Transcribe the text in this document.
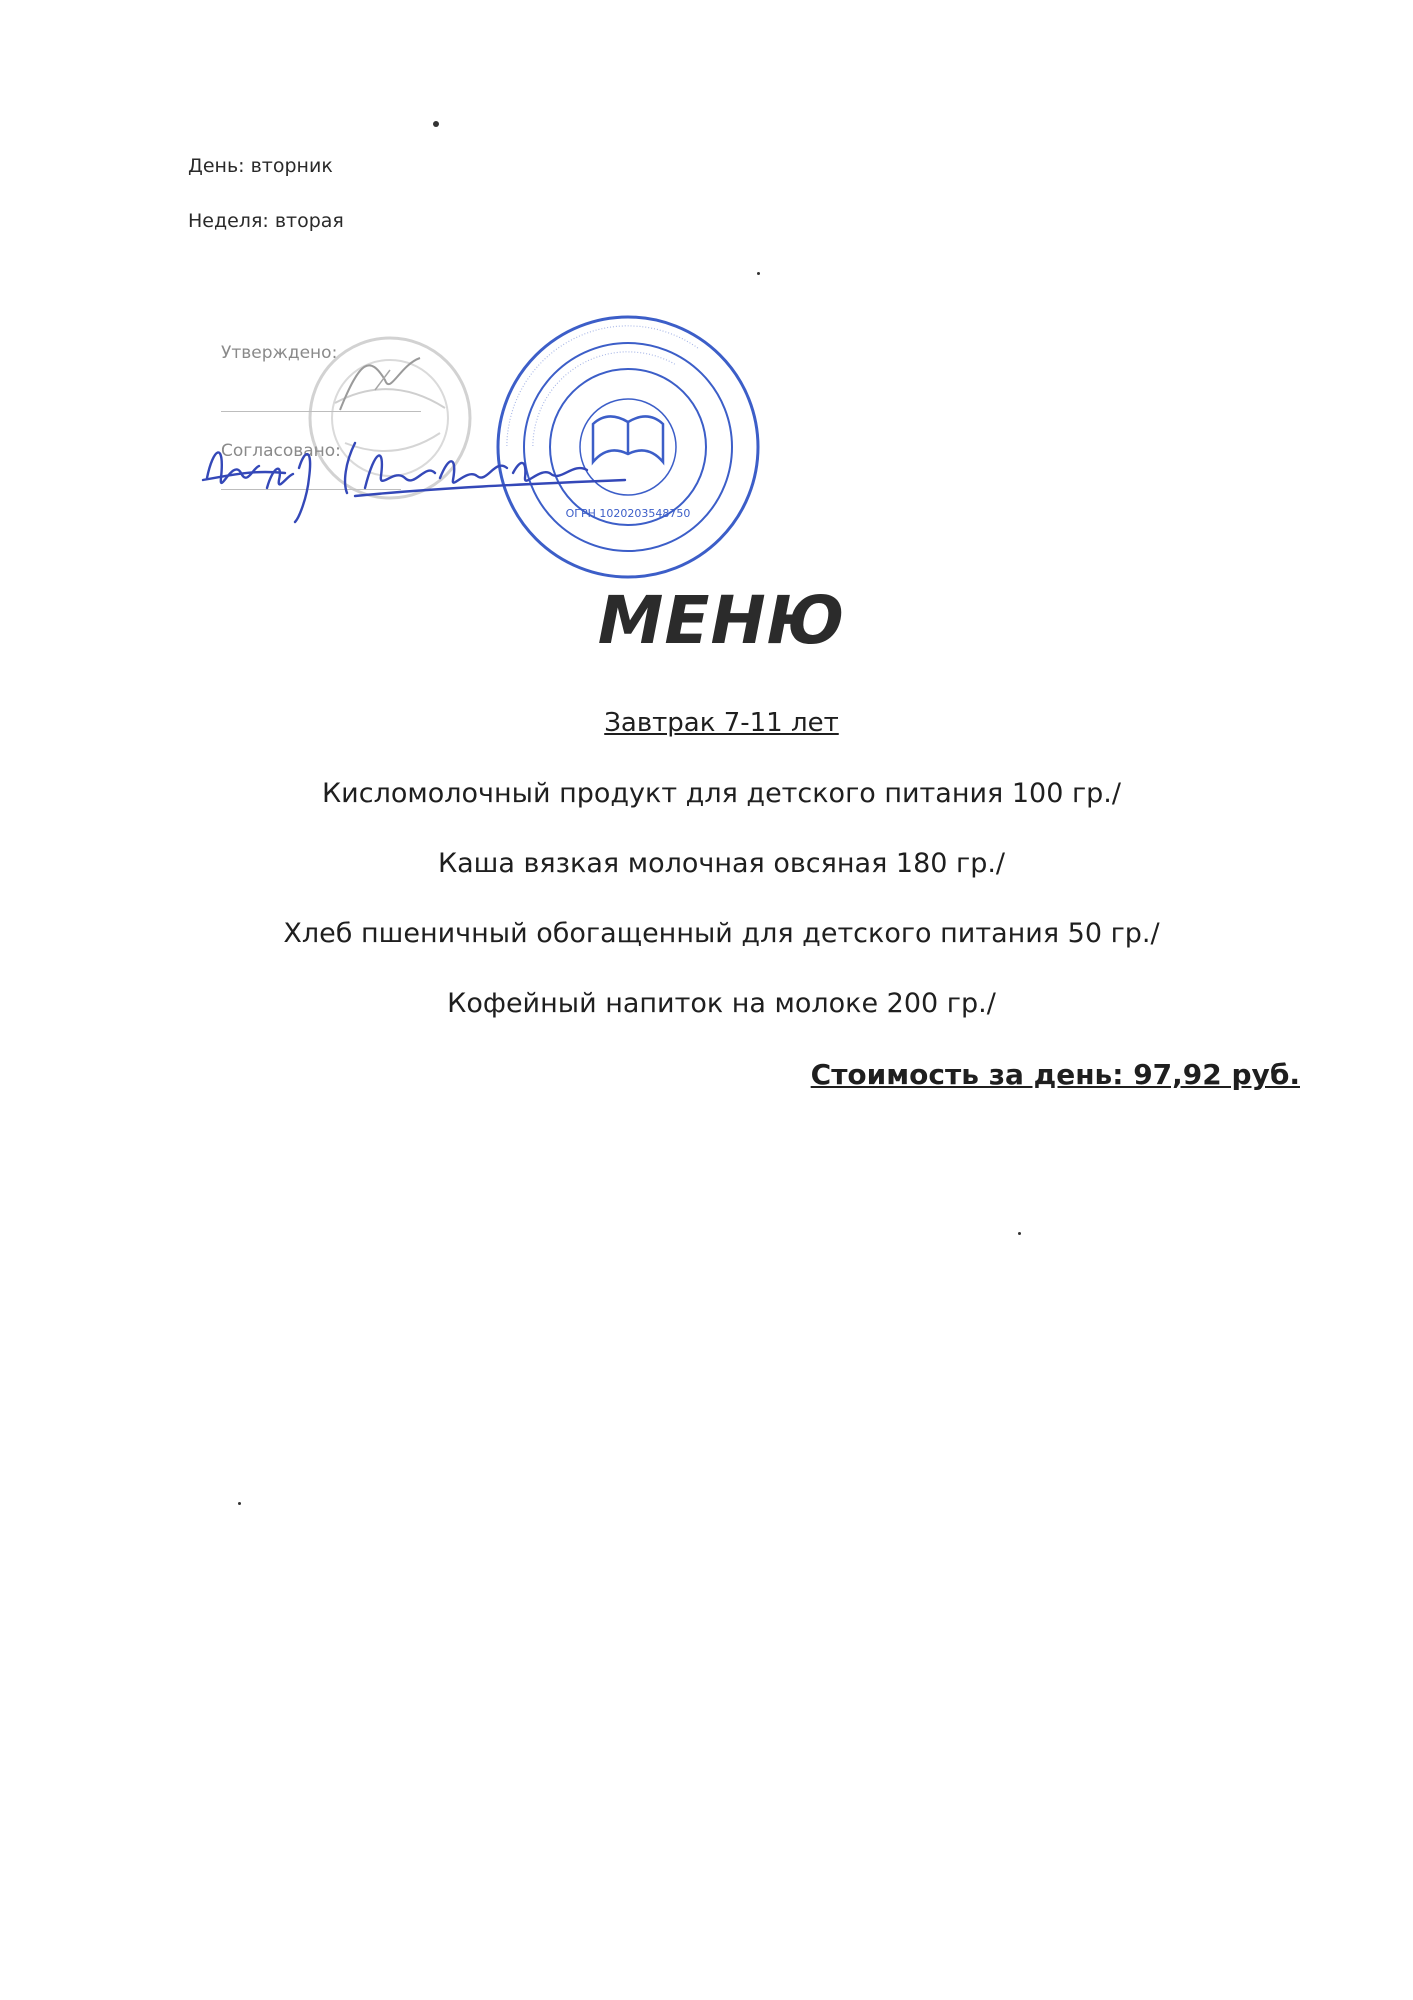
День: вторник
Неделя: вторая
Утверждено:
Согласовано:	··························································································
···································································
ОГРН 1020203548750
МЕНЮ
Завтрак 7-11 лет
Кисломолочный продукт для детского питания 100 гр./
Каша вязкая молочная овсяная 180 гр./
Хлеб пшеничный обогащенный для детского питания 50 гр./
Кофейный напиток на молоке 200 гр./
Стоимость за день: 97,92 руб.
